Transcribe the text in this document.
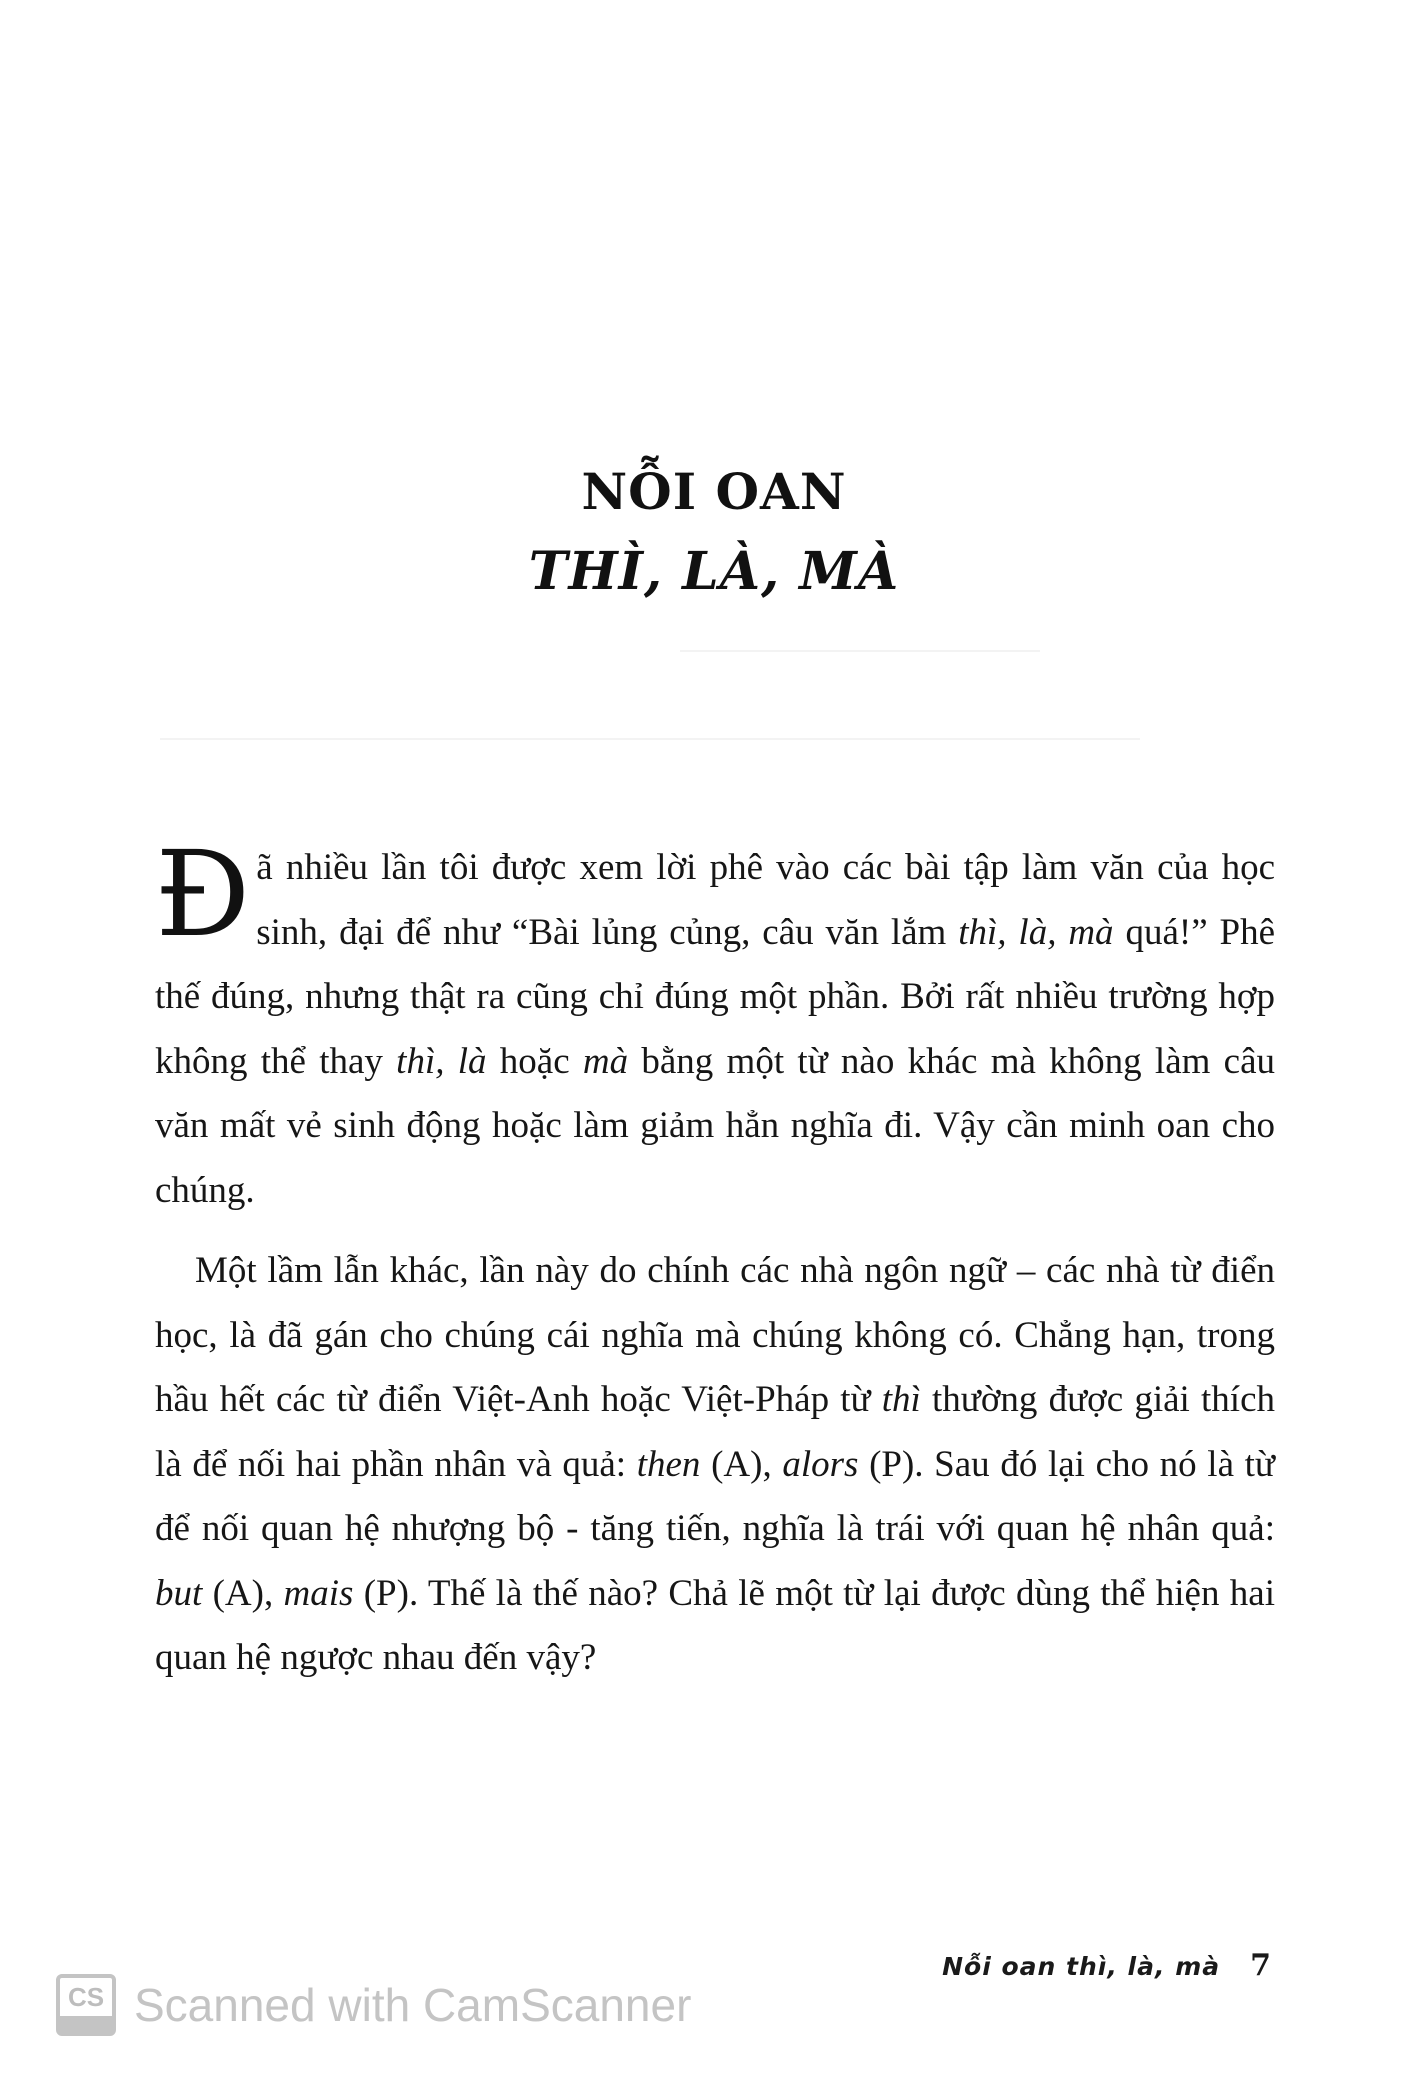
NỖI OAN
THÌ, LÀ, MÀ

Đã nhiều lần tôi được xem lời phê vào các bài tập làm văn của học sinh, đại để như “Bài lủng củng, câu văn lắm thì, là, mà quá!” Phê thế đúng, nhưng thật ra cũng chỉ đúng một phần. Bởi rất nhiều trường hợp không thể thay thì, là hoặc mà bằng một từ nào khác mà không làm câu văn mất vẻ sinh động hoặc làm giảm hẳn nghĩa đi. Vậy cần minh oan cho chúng.

Một lầm lẫn khác, lần này do chính các nhà ngôn ngữ – các nhà từ điển học, là đã gán cho chúng cái nghĩa mà chúng không có. Chẳng hạn, trong hầu hết các từ điển Việt-Anh hoặc Việt-Pháp từ thì thường được giải thích là để nối hai phần nhân và quả: then (A), alors (P). Sau đó lại cho nó là từ để nối quan hệ nhượng bộ - tăng tiến, nghĩa là trái với quan hệ nhân quả: but (A), mais (P). Thế là thế nào? Chả lẽ một từ lại được dùng thể hiện hai quan hệ ngược nhau đến vậy?

Nỗi oan thì, là, mà 7
CS Scanned with CamScanner
